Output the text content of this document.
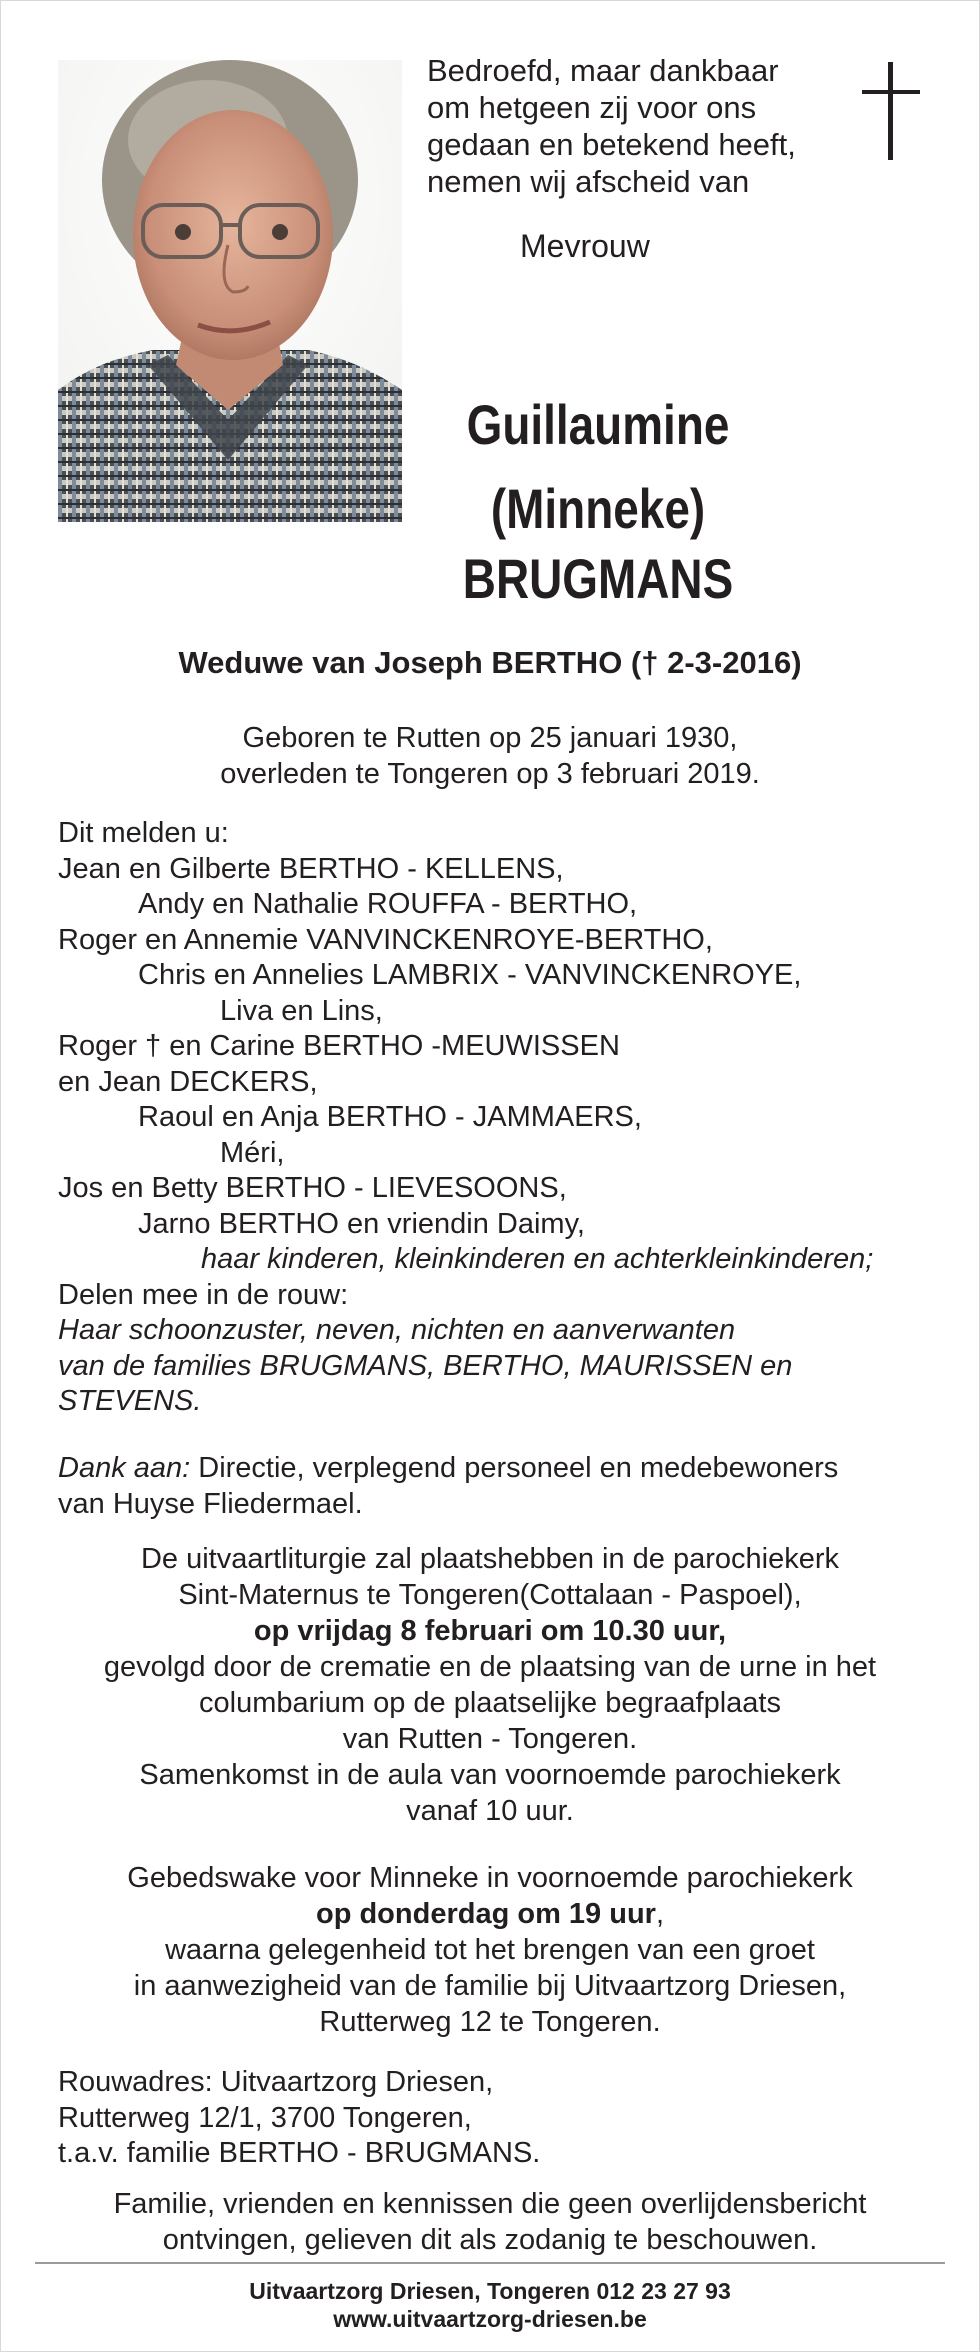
Bedroefd, maar dankbaar
om hetgeen zij voor ons
gedaan en betekend heeft,
nemen wij afscheid van
Mevrouw
Guillaumine
(Minneke)
BRUGMANS
Weduwe van Joseph BERTHO († 2-3-2016)
Geboren te Rutten op 25 januari 1930,
overleden te Tongeren op 3 februari 2019.
Dit melden u:
Jean en Gilberte BERTHO - KELLENS,
Andy en Nathalie ROUFFA - BERTHO,
Roger en Annemie VANVINCKENROYE-BERTHO,
Chris en Annelies LAMBRIX - VANVINCKENROYE,
Liva en Lins,
Roger † en Carine BERTHO -MEUWISSEN
en Jean DECKERS,
Raoul en Anja BERTHO - JAMMAERS,
Méri,
Jos en Betty BERTHO - LIEVESOONS,
Jarno BERTHO en vriendin Daimy,
haar kinderen, kleinkinderen en achterkleinkinderen;
Delen mee in de rouw:
Haar schoonzuster, neven, nichten en aanverwanten
van de families BRUGMANS, BERTHO, MAURISSEN en
STEVENS.
Dank aan: Directie, verplegend personeel en medebewoners
van Huyse Fliedermael.
De uitvaartliturgie zal plaatshebben in de parochiekerk
Sint-Maternus te Tongeren(Cottalaan - Paspoel),
op vrijdag 8 februari om 10.30 uur,
gevolgd door de crematie en de plaatsing van de urne in het
columbarium op de plaatselijke begraafplaats
van Rutten - Tongeren.
Samenkomst in de aula van voornoemde parochiekerk
vanaf 10 uur.
Gebedswake voor Minneke in voornoemde parochiekerk
op donderdag om 19 uur,
waarna gelegenheid tot het brengen van een groet
in aanwezigheid van de familie bij Uitvaartzorg Driesen,
Rutterweg 12 te Tongeren.
Rouwadres: Uitvaartzorg Driesen,
Rutterweg 12/1, 3700 Tongeren,
t.a.v. familie BERTHO - BRUGMANS.
Familie, vrienden en kennissen die geen overlijdensbericht
ontvingen, gelieven dit als zodanig te beschouwen.
Uitvaartzorg Driesen, Tongeren 012 23 27 93
www.uitvaartzorg-driesen.be
